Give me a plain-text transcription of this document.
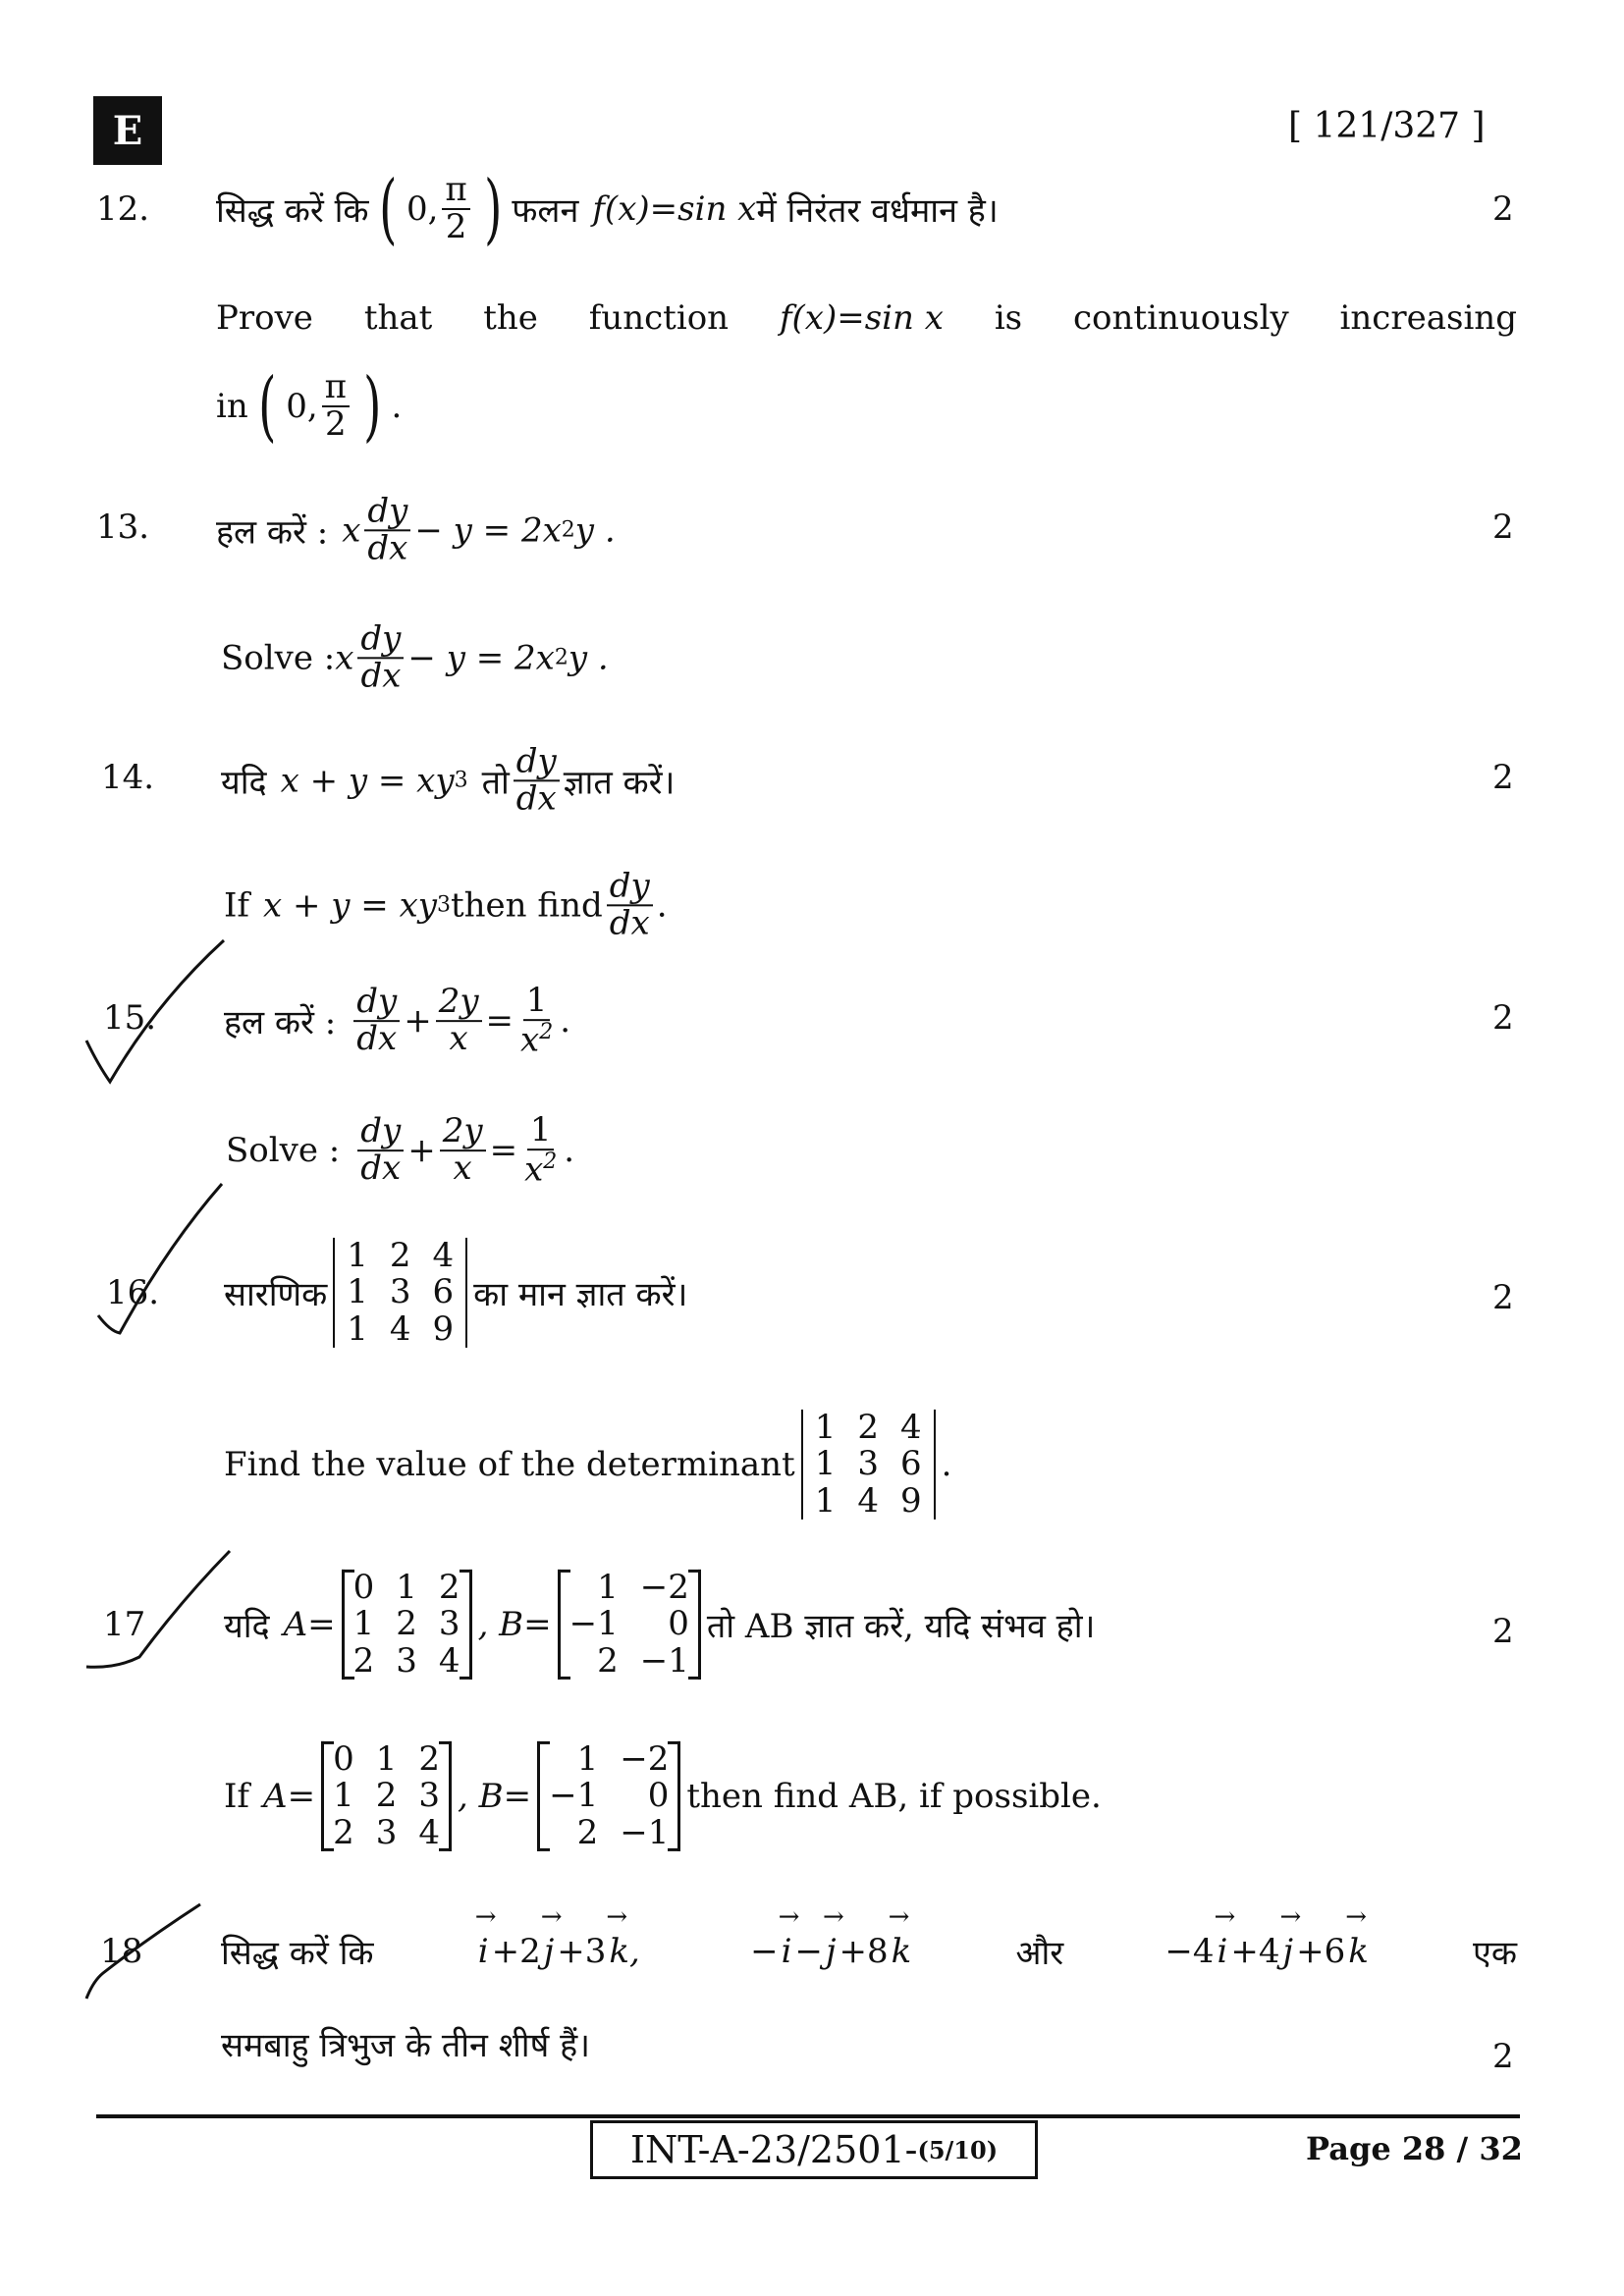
E	[ 121/327 ]
12.	2
सिद्ध करें कि ( 0, $\frac{\pi}{2}$ ) फलन f(x)=sin x में निरंतर वर्धमान है।
Prove that the function f(x)=sin x is continuously increasing
in ( 0, $\frac{\pi}{2}$ ) .
13.	2
हल करें : x $\frac{dy}{dx} - y = 2x$ 2 y .
Solve : x $\frac{dy}{dx} - y = 2x$ 2 y .
14.	2
यदि x + y = xy 3 तो $\frac{dy}{dx}$ ज्ञात करें।
If x + y = xy 3 then find $\frac{dy}{dx}$ .
15.	2
हल करें : $\frac{dy}{dx} + \frac{2y}{x} = \frac{1}{x^2}$ .
Solve : $\frac{dy}{dx} + \frac{2y}{x} = \frac{1}{x^2}$ .
16.	2
सारणिक
1 2 4
1 3 6
1 4 9
का मान ज्ञात करें।
Find the value of the determinant
1 2 4
1 3 6
1 4 9
.
17	2
यदि A=
0 1 2
1 2 3
2 3 4
, B=
1 −2
−1	0
2 −1
तो AB ज्ञात करें, यदि संभव हो।
If A=
0 1 2
1 2 3
2 3 4
, B=
1 −2
−1	0
2 −1
then find AB, if possible.
18
2
सिद्ध करें कि	→ i +2 → j +3 → k,	− → i − → j +8 → k	और	−4 → i +4 → j +6 → k	एक
समबाहु त्रिभुज के तीन शीर्ष हैं।
INT-A-23/2501- (5/10)	Page 28 / 32
